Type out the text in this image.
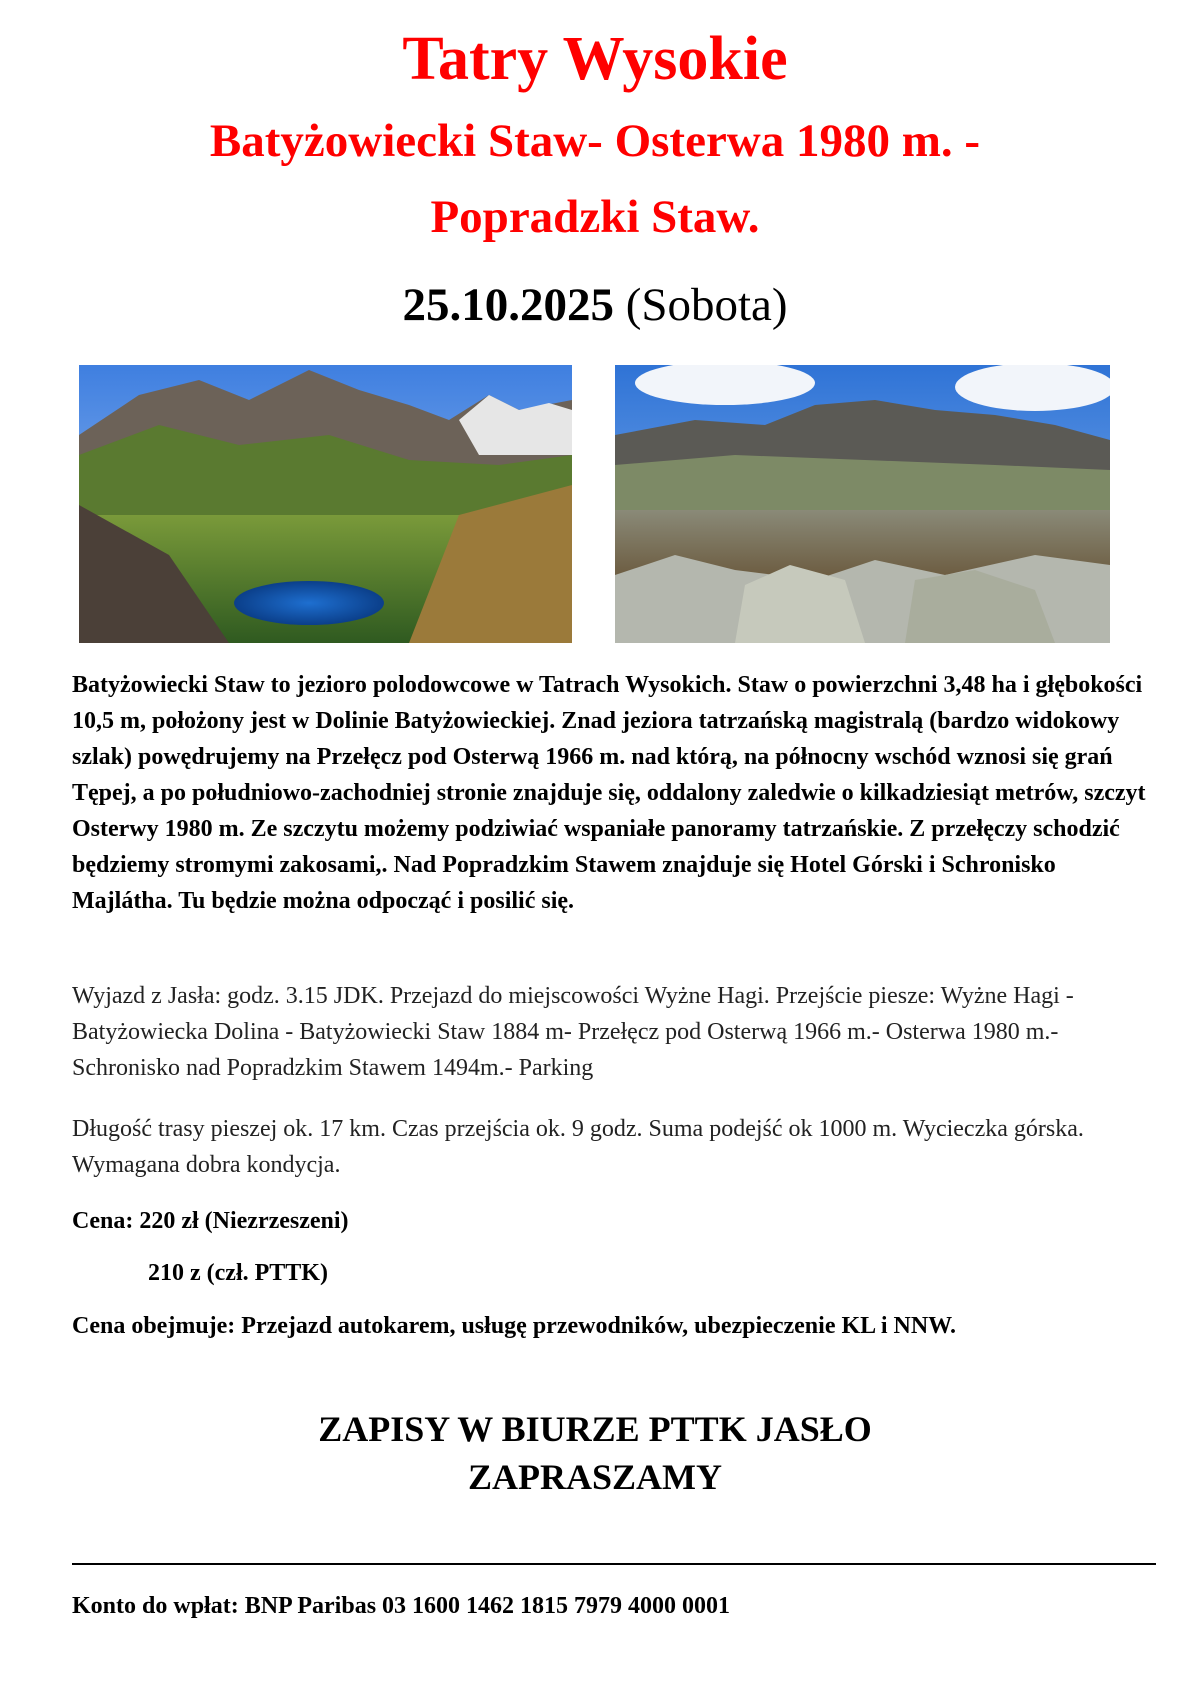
Tatry Wysokie
Batyżowiecki Staw- Osterwa 1980 m. -
Popradzki Staw.

25.10.2025 (Sobota)

Batyżowiecki Staw to jezioro polodowcowe w Tatrach Wysokich. Staw o powierzchni 3,48 ha i głębokości 10,5 m, położony jest w Dolinie Batyżowieckiej. Znad jeziora tatrzańską magistralą (bardzo widokowy szlak) powędrujemy na Przełęcz pod Osterwą 1966 m. nad którą, na północny wschód wznosi się grań Tępej, a po południowo-zachodniej stronie znajduje się, oddalony zaledwie o kilkadziesiąt metrów, szczyt Osterwy 1980 m. Ze szczytu możemy podziwiać wspaniałe panoramy tatrzańskie. Z przełęczy schodzić będziemy stromymi zakosami,. Nad Popradzkim Stawem znajduje się Hotel Górski i Schronisko Majlátha. Tu będzie można odpocząć i posilić się.

Wyjazd z Jasła: godz. 3.15 JDK. Przejazd do miejscowości Wyżne Hagi. Przejście piesze: Wyżne Hagi - Batyżowiecka Dolina - Batyżowiecki Staw 1884 m- Przełęcz pod Osterwą 1966 m.- Osterwa 1980 m.- Schronisko nad Popradzkim Stawem 1494m.- Parking

Długość trasy pieszej ok. 17 km. Czas przejścia ok. 9 godz. Suma podejść ok 1000 m. Wycieczka górska. Wymagana dobra kondycja.

Cena: 220 zł (Niezrzeszeni)

210 z (czł. PTTK)

Cena obejmuje: Przejazd autokarem, usługę przewodników, ubezpieczenie KL i NNW.

ZAPISY W BIURZE PTTK JASŁO

ZAPRASZAMY

Konto do wpłat: BNP Paribas 03 1600 1462 1815 7979 4000 0001
